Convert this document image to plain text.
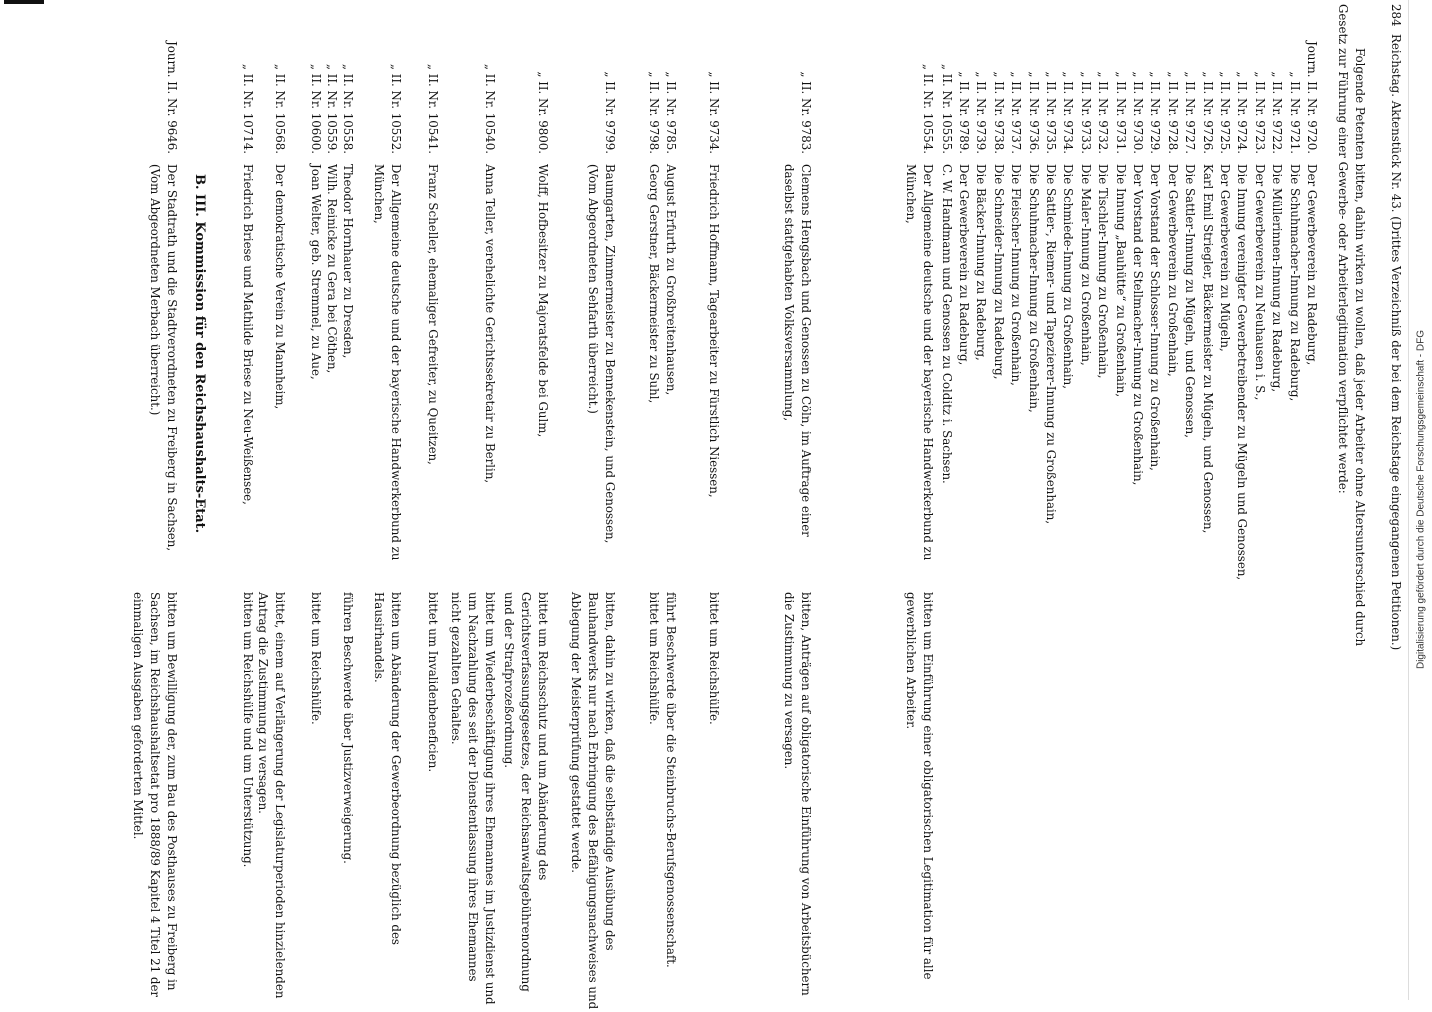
284
Reichstag. Aktenstück Nr. 43. (Drittes Verzeichniß der bei dem Reichstage eingegangenen Petitionen.)
Folgende Petenten bitten, dahin wirken zu wollen, daß jeder Arbeiter ohne Altersunterschied durch
Gesetz zur Führung einer Gewerbe- oder Arbeiterlegitimation verpflichtet werde:
Journ. II. Nr. 9720.
Der Gewerbeverein zu Radeburg,
„ II. Nr. 9721.
Die Schuhmacher-Innung zu Radeburg,
„ II. Nr. 9722.
Die Müllerinnen-Innung zu Radeburg,
„ II. Nr. 9723.
Der Gewerbeverein zu Neuhausen i. S.,
„ II. Nr. 9724.
Die Innung vereinigter Gewerbetreibender zu Mügeln und Genossen,
„ II. Nr. 9725.
Der Gewerbeverein zu Mügeln,
„ II. Nr. 9726.
Karl Emil Striegler, Bäckermeister zu Mügeln, und Genossen,
„ II. Nr. 9727.
Die Sattler-Innung zu Mügeln, und Genossen,
„ II. Nr. 9728.
Der Gewerbeverein zu Großenhain,
„ II. Nr. 9729.
Der Vorstand der Schlosser-Innung zu Großenhain,
„ II. Nr. 9730.
Der Vorstand der Stellmacher-Innung zu Großenhain,
„ II. Nr. 9731.
Die Innung „Bauhütte“ zu Großenhain,
„ II. Nr. 9732.
Die Tischler-Innung zu Großenhain,
„ II. Nr. 9733.
Die Maler-Innung zu Großenhain,
„ II. Nr. 9734.
Die Schmiede-Innung zu Großenhain,
„ II. Nr. 9735.
Die Sattler-, Riemer- und Tapezierer-Innung zu Großenhain,
„ II. Nr. 9736.
Die Schuhmacher-Innung zu Großenhain,
„ II. Nr. 9737.
Die Fleischer-Innung zu Großenhain,
„ II. Nr. 9738.
Die Schneider-Innung zu Radeburg,
„ II. Nr. 9739.
Die Bäcker-Innung zu Radeburg,
„ II. Nr. 9789.
Der Gewerbeverein zu Radeburg,
„ II. Nr. 10555.
C. W. Handmann und Genossen zu Colditz i. Sachsen.
„ II. Nr. 10554.
Der Allgemeine deutsche und der bayerische Handwerkerbund zu München,
bitten um Einführung einer obligatorischen Legitimation für alle gewerblichen Arbeiter.
„ II. Nr. 9783.
Clemens Hengsbach und Genossen zu Cöln, im Auftrage einer daselbst stattgehabten Volksversammlung,
bitten, Anträgen auf obligatorische Einführung von Arbeitsbüchern die Zustimmung zu versagen.
„ II. Nr. 9734.
Friedrich Hoffmann, Tagearbeiter zu Fürstlich Niessen,
bittet um Reichshülfe.
„ II. Nr. 9785.
August Erfurth zu Großbreitenhausen,
führt Beschwerde über die Steinbruchs-Berufsgenossenschaft.
„ II. Nr. 9798.
Georg Gerstner, Bäckermeister zu Suhl,
bittet um Reichshülfe.
„ II. Nr. 9799.
Baumgarten, Zimmermeister zu Bennekenstein, und Genossen, (Vom Abgeordneten Sehfarth überreicht.)
bitten, dahin zu wirken, daß die selbständige Ausübung des Bauhandwerks nur nach Erbringung des Befähigungsnachweises und Ablegung der Meisterprüfung gestattet werde.
„ II. Nr. 9800.
Wolff, Hofbesitzer zu Majoratsfelde bei Gulm,
bittet um Reichsschutz und um Abänderung des Gerichtsverfassungsgesetzes, der Reichsanwaltsgebührenordnung und der Strafprozeßordnung.
„ II. Nr. 10540.
Anna Teller, verehelichte Gerichtssekretair zu Berlin,
bittet um Wiederbeschäftigung ihres Ehemannes im Justizdienst und um Nachzahlung des seit der Dienstentlassung ihres Ehemannes nicht gezahlten Gehaltes.
„ II. Nr. 10541.
Franz Scheller, ehemaliger Gefreiter, zu Queitzen,
bittet um Invalidenbeneficien.
„ II. Nr. 10552.
Der Allgemeine deutsche und der bayerische Handwerkerbund zu München,
bitten um Abänderung der Gewerbeordnung bezüglich des Hausirhandels.
„ II. Nr. 10558.
Theodor Hornhauer zu Dresden,
führen Beschwerde über Justizverweigerung.
„ II. Nr. 10559.
Wilh. Reinicke zu Gera bei Cöthen,
„ II. Nr. 10600.
Joan Welter, geb. Stremmel, zu Aue,
bittet um Reichshülfe.
„ II. Nr. 10568.
Der demokratische Verein zu Mannheim,
bittet, einem auf Verlängerung der Legislaturperioden hinzielenden Antrag die Zustimmung zu versagen.
„ II. Nr. 10714.
Friedrich Briese und Mathilde Briese zu Neu-Weißensee,
bitten um Reichshülfe und um Unterstützung.
B. III. Kommission für den Reichshaushalts-Etat.
Journ. II. Nr. 9646.
Der Stadtrath und die Stadtverordneten zu Freiberg in Sachsen, (Vom Abgeordneten Merbach überreicht.)
bitten um Bewilligung der, zum Bau des Posthauses zu Freiberg in Sachsen, im Reichshaushaltsetat pro 1888/89 Kapitel 4 Titel 21 der einmaligen Ausgaben geforderten Mittel.
Digitalisierung gefördert durch die Deutsche Forschungsgemeinschaft - DFG
